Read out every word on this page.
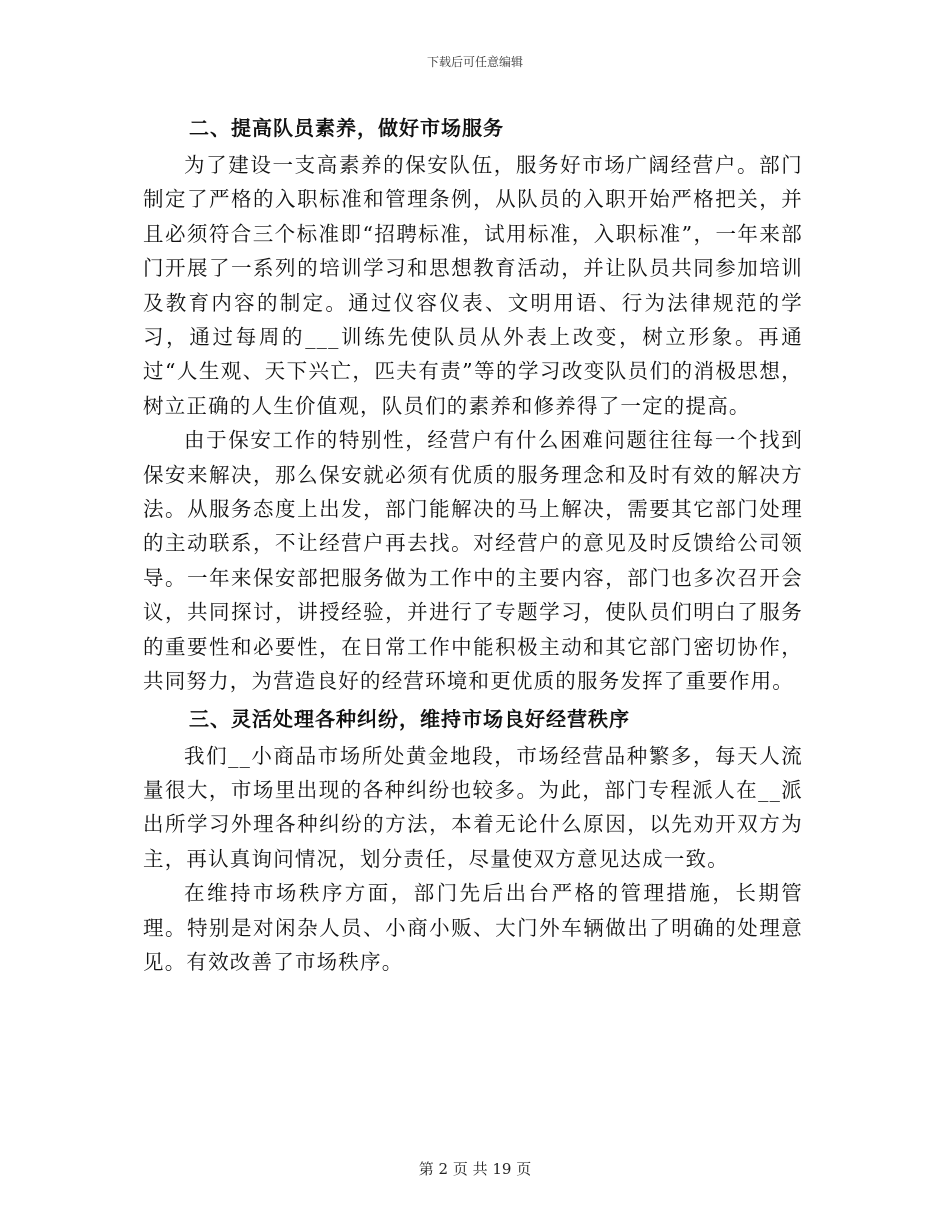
下载后可任意编辑
二、提高队员素养，做好市场服务

为了建设一支高素养的保安队伍，服务好市场广阔经营户。部门制定了严格的入职标准和管理条例，从队员的入职开始严格把关，并且必须符合三个标准即“招聘标准，试用标准，入职标准”，一年来部门开展了一系列的培训学习和思想教育活动，并让队员共同参加培训及教育内容的制定。通过仪容仪表、文明用语、行为法律规范的学习，通过每周的___训练先使队员从外表上改变，树立形象。再通过“人生观、天下兴亡，匹夫有责”等的学习改变队员们的消极思想，树立正确的人生价值观，队员们的素养和修养得了一定的提高。

由于保安工作的特别性，经营户有什么困难问题往往每一个找到保安来解决，那么保安就必须有优质的服务理念和及时有效的解决方法。从服务态度上出发，部门能解决的马上解决，需要其它部门处理的主动联系，不让经营户再去找。对经营户的意见及时反馈给公司领导。一年来保安部把服务做为工作中的主要内容，部门也多次召开会议，共同探讨，讲授经验，并进行了专题学习，使队员们明白了服务的重要性和必要性，在日常工作中能积极主动和其它部门密切协作，共同努力，为营造良好的经营环境和更优质的服务发挥了重要作用。

三、灵活处理各种纠纷，维持市场良好经营秩序

我们__小商品市场所处黄金地段，市场经营品种繁多，每天人流量很大，市场里出现的各种纠纷也较多。为此，部门专程派人在__派出所学习外理各种纠纷的方法，本着无论什么原因，以先劝开双方为主，再认真询问情况，划分责任，尽量使双方意见达成一致。

在维持市场秩序方面，部门先后出台严格的管理措施，长期管理。特别是对闲杂人员、小商小贩、大门外车辆做出了明确的处理意见。有效改善了市场秩序。

第 2 页 共 19 页
